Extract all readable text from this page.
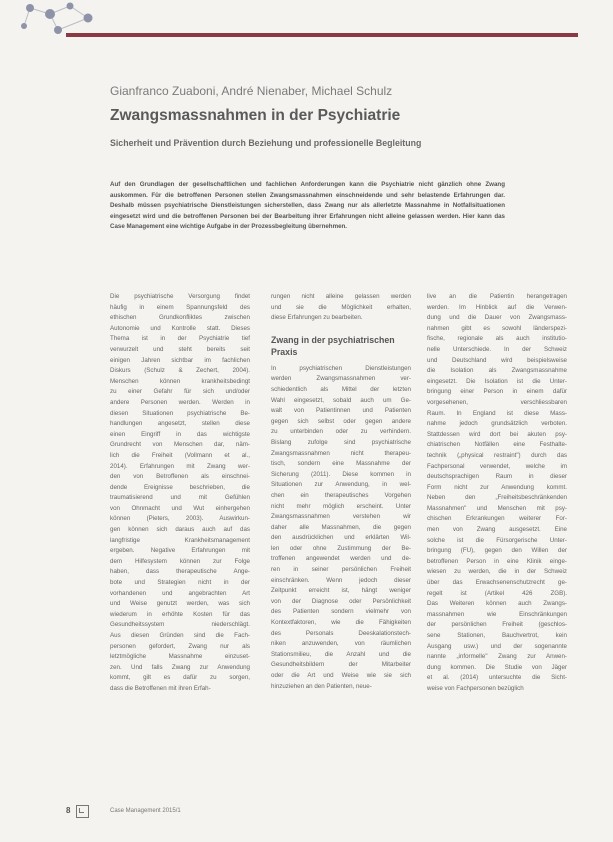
Gianfranco Zuaboni, André Nienaber, Michael Schulz
Zwangsmassnahmen in der Psychiatrie
Sicherheit und Prävention durch Beziehung und professionelle Begleitung
Auf den Grundlagen der gesellschaftlichen und fachlichen Anforderungen kann die Psychiatrie nicht gänzlich ohne Zwang auskommen. Für die betroffenen Personen stellen Zwangsmassnahmen einschneidende und sehr belastende Erfahrungen dar. Deshalb müssen psychiatrische Dienstleistungen sicherstellen, dass Zwang nur als allerletzte Massnahme in Notfallsituationen eingesetzt wird und die betroffenen Personen bei der Bearbeitung ihrer Erfahrungen nicht alleine gelassen werden. Hier kann das Case Management eine wichtige Aufgabe in der Prozessbegleitung übernehmen.
Die psychiatrische Versorgung findet
häufig in einem Spannungsfeld des
ethischen Grundkonfliktes zwischen
Autonomie und Kontrolle statt. Dieses
Thema ist in der Psychiatrie tief
verwurzelt und steht bereits seit
einigen Jahren sichtbar im fachlichen
Diskurs (Schulz & Zechert, 2004).
Menschen können krankheitsbedingt
zu einer Gefahr für sich und/oder
andere Personen werden. Werden in
diesen Situationen psychiatrische Be-
handlungen angesetzt, stellen diese
einen Eingriff in das wichtigste
Grundrecht von Menschen dar, näm-
lich die Freiheit (Vollmann et al.,
2014). Erfahrungen mit Zwang wer-
den von Betroffenen als einschnei-
dende Ereignisse beschrieben, die
traumatisierend und mit Gefühlen
von Ohnmacht und Wut einhergehen
können (Pieters, 2003). Auswirkun-
gen können sich daraus auch auf das
langfristige Krankheitsmanagement
ergeben. Negative Erfahrungen mit
dem Hilfesystem können zur Folge
haben, dass therapeutische Ange-
bote und Strategien nicht in der
vorhandenen und angebrachten Art
und Weise genutzt werden, was sich
wiederum in erhöhte Kosten für das
Gesundheitssystem niederschlägt.
Aus diesen Gründen sind die Fach-
personen gefordert, Zwang nur als
letztmögliche Massnahme einzuset-
zen. Und falls Zwang zur Anwendung
kommt, gilt es dafür zu sorgen,
dass die Betroffenen mit ihren Erfah-
rungen nicht alleine gelassen werden
und sie die Möglichkeit erhalten,
diese Erfahrungen zu bearbeiten.
Zwang in der psychiatrischen
Praxis
In psychiatrischen Dienstleistungen
werden Zwangsmassnahmen ver-
schiedentlich als Mittel der letzten
Wahl eingesetzt, sobald auch um Ge-
walt von Patientinnen und Patienten
gegen sich selbst oder gegen andere
zu unterbinden oder zu verhindern.
Bislang zufolge sind psychiatrische
Zwangsmassnahmen nicht therapeu-
tisch, sondern eine Massnahme der
Sicherung (2011). Diese kommen in
Situationen zur Anwendung, in wel-
chen ein therapeutisches Vorgehen
nicht mehr möglich erscheint. Unter
Zwangsmassnahmen verstehen wir
daher alle Massnahmen, die gegen
den ausdrücklichen und erklärten Wil-
len oder ohne Zustimmung der Be-
troffenen angewendet werden und de-
ren in seiner persönlichen Freiheit
einschränken. Wenn jedoch dieser
Zeitpunkt erreicht ist, hängt weniger
von der Diagnose oder Persönlichkeit
des Patienten sondern vielmehr von
Kontextfaktoren, wie die Fähigkeiten
des Personals Deeskalationstech-
niken anzuwenden, von räumlichen
Stationsmilieu, die Anzahl und die
Gesundheitsbildern der Mitarbeiter
oder die Art und Weise wie sie sich
hinzuziehen an den Patienten, neue-
live an die Patientin herangetragen
werden. Im Hinblick auf die Verwen-
dung und die Dauer von Zwangsmass-
nahmen gibt es sowohl länderspezi-
fische, regionale als auch institutio-
nelle Unterschiede. In der Schweiz
und Deutschland wird beispielsweise
die Isolation als Zwangsmassnahme
eingesetzt. Die Isolation ist die Unter-
bringung einer Person in einem dafür
vorgesehenen, verschliessbaren
Raum. In England ist diese Mass-
nahme jedoch grundsätzlich verboten.
Stattdessen wird dort bei akuten psy-
chiatrischen Notfällen eine Festhalte-
technik („physical restraint") durch das
Fachpersonal verwendet, welche im
deutschsprachigen Raum in dieser
Form nicht zur Anwendung kommt.
Neben den „Freiheitsbeschränkenden
Massnahmen" und Menschen mit psy-
chischen Erkrankungen weiterer For-
men von Zwang ausgesetzt. Eine
solche ist die Fürsorgerische Unter-
bringung (FU), gegen den Willen der
betroffenen Person in eine Klinik einge-
wiesen zu werden, die in der Schweiz
über das Erwachsenenschutzrecht ge-
regelt ist (Artikel 426 ZGB).
Das Weiteren können auch Zwangs-
massnahmen wie Einschränkungen
der persönlichen Freiheit (geschlos-
sene Stationen, Bauchvertrot, kein
Ausgang usw.) und der sogenannte
nannte „informelle" Zwang zur Anwen-
dung kommen. Die Studie von Jäger
et al. (2014) untersuchte die Sicht-
weise von Fachpersonen bezüglich
8	Case Management 2015/1
